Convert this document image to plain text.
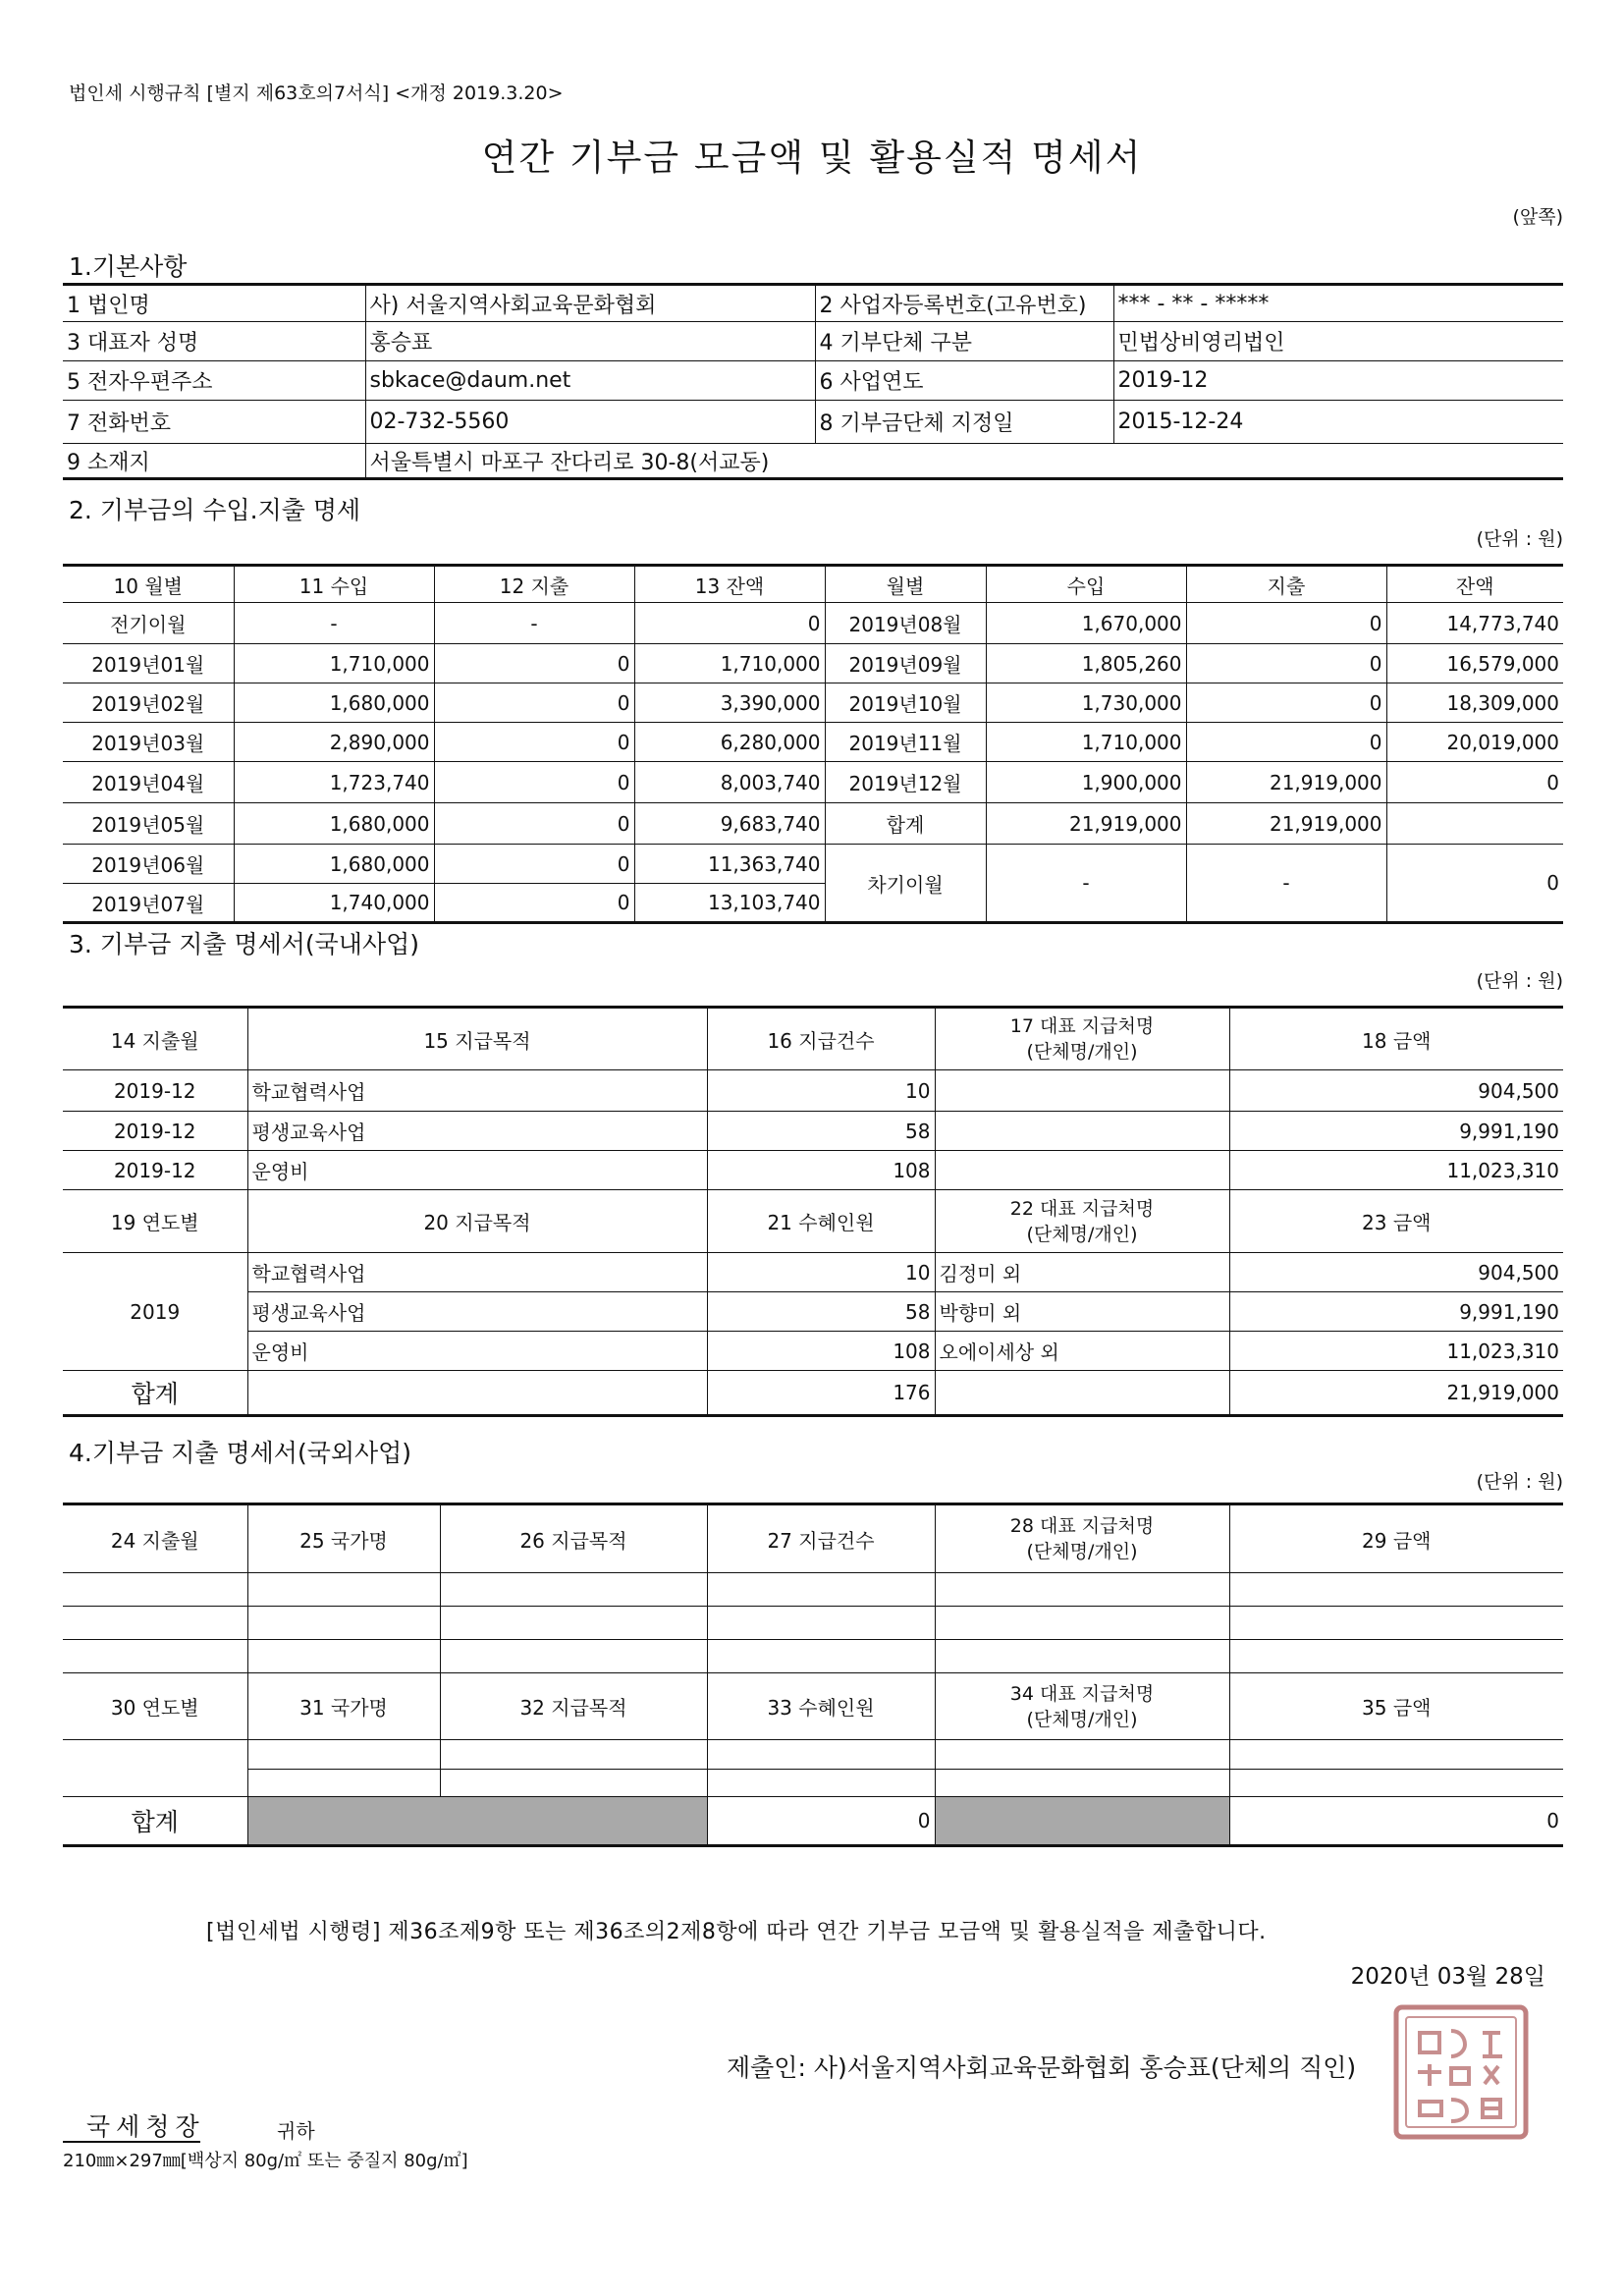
법인세 시행규칙 [별지 제63호의7서식] <개정 2019.3.20>
연간 기부금 모금액 및 활용실적 명세서
(앞쪽)
1.기본사항
1 법인명	사) 서울지역사회교육문화협회	2 사업자등록번호(고유번호)	*** - ** - *****
3 대표자 성명	홍승표	4 기부단체 구분	민법상비영리법인
5 전자우편주소	sbkace@daum.net	6 사업연도	2019-12
7 전화번호	02-732-5560	8 기부금단체 지정일	2015-12-24
9 소재지	서울특별시 마포구 잔다리로 30-8(서교동)		
2. 기부금의 수입.지출 명세
(단위 : 원)
10 월별	11 수입	12 지출	13 잔액	월별	수입	지출	잔액
전기이월	-	-	0	2019년08월	1,670,000	0	14,773,740
2019년01월	1,710,000	0	1,710,000	2019년09월	1,805,260	0	16,579,000
2019년02월	1,680,000	0	3,390,000	2019년10월	1,730,000	0	18,309,000
2019년03월	2,890,000	0	6,280,000	2019년11월	1,710,000	0	20,019,000
2019년04월	1,723,740	0	8,003,740	2019년12월	1,900,000	21,919,000	0
2019년05월	1,680,000	0	9,683,740	합계	21,919,000	21,919,000	
2019년06월	1,680,000	0	11,363,740	차기이월	-	-	0
2019년07월	1,740,000	0	13,103,740				
3. 기부금 지출 명세서(국내사업)
(단위 : 원)
14 지출월	15 지급목적	16 지급건수	17 대표 지급처명
(단체명/개인)	18 금액
2019-12	학교협력사업	10		904,500
2019-12	평생교육사업	58		9,991,190
2019-12	운영비	108		11,023,310
19 연도별	20 지급목적	21 수혜인원	22 대표 지급처명
(단체명/개인)	23 금액
2019	학교협력사업	10	김정미 외	904,500
	평생교육사업	58	박향미 외	9,991,190
	운영비	108	오에이세상 외	11,023,310
합계		176		21,919,000
4.기부금 지출 명세서(국외사업)
(단위 : 원)
24 지출월	25 국가명	26 지급목적	27 지급건수	28 대표 지급처명
(단체명/개인)	29 금액

30 연도별	31 국가명	32 지급목적	33 수혜인원	34 대표 지급처명
(단체명/개인)	35 금액

합계			0		0
[법인세법 시행령] 제36조제9항 또는 제36조의2제8항에 따라 연간 기부금 모금액 및 활용실적을 제출합니다.
2020년 03월 28일
제출인: 사)서울지역사회교육문화협회 홍승표(단체의 직인)
국세청장	귀하
210㎜×297㎜[백상지 80g/㎡ 또는 중질지 80g/㎡]
